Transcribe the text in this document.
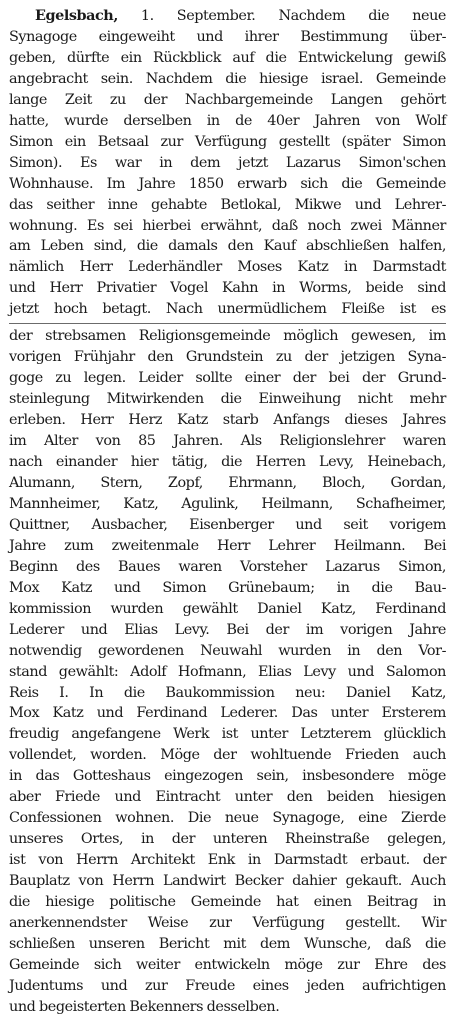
Egelsbach, 1. September. Nachdem die neue
Synagoge eingeweiht und ihrer Bestimmung über-
geben, dürfte ein Rückblick auf die Entwickelung gewiß
angebracht sein. Nachdem die hiesige israel. Gemeinde
lange Zeit zu der Nachbargemeinde Langen gehört
hatte, wurde derselben in de 40er Jahren von Wolf
Simon ein Betsaal zur Verfügung gestellt (später Simon
Simon). Es war in dem jetzt Lazarus Simon'schen
Wohnhause. Im Jahre 1850 erwarb sich die Gemeinde
das seither inne gehabte Betlokal, Mikwe und Lehrer-
wohnung. Es sei hierbei erwähnt, daß noch zwei Männer
am Leben sind, die damals den Kauf abschließen halfen,
nämlich Herr Lederhändler Moses Katz in Darmstadt
und Herr Privatier Vogel Kahn in Worms, beide sind
jetzt hoch betagt. Nach unermüdlichem Fleiße ist es
der strebsamen Religionsgemeinde möglich gewesen, im
vorigen Frühjahr den Grundstein zu der jetzigen Syna-
goge zu legen. Leider sollte einer der bei der Grund-
steinlegung Mitwirkenden die Einweihung nicht mehr
erleben. Herr Herz Katz starb Anfangs dieses Jahres
im Alter von 85 Jahren. Als Religionslehrer waren
nach einander hier tätig, die Herren Levy, Heinebach,
Alumann, Stern, Zopf, Ehrmann, Bloch, Gordan,
Mannheimer, Katz, Agulink, Heilmann, Schafheimer,
Quittner, Ausbacher, Eisenberger und seit vorigem
Jahre zum zweitenmale Herr Lehrer Heilmann. Bei
Beginn des Baues waren Vorsteher Lazarus Simon,
Mox Katz und Simon Grünebaum; in die Bau-
kommission wurden gewählt Daniel Katz, Ferdinand
Lederer und Elias Levy. Bei der im vorigen Jahre
notwendig gewordenen Neuwahl wurden in den Vor-
stand gewählt: Adolf Hofmann, Elias Levy und Salomon
Reis I. In die Baukommission neu: Daniel Katz,
Mox Katz und Ferdinand Lederer. Das unter Ersterem
freudig angefangene Werk ist unter Letzterem glücklich
vollendet, worden. Möge der wohltuende Frieden auch
in das Gotteshaus eingezogen sein, insbesondere möge
aber Friede und Eintracht unter den beiden hiesigen
Confessionen wohnen. Die neue Synagoge, eine Zierde
unseres Ortes, in der unteren Rheinstraße gelegen,
ist von Herrn Architekt Enk in Darmstadt erbaut. der
Bauplatz von Herrn Landwirt Becker dahier gekauft. Auch
die hiesige politische Gemeinde hat einen Beitrag in
anerkennendster Weise zur Verfügung gestellt. Wir
schließen unseren Bericht mit dem Wunsche, daß die
Gemeinde sich weiter entwickeln möge zur Ehre des
Judentums und zur Freude eines jeden aufrichtigen
und begeisterten Bekenners desselben.
